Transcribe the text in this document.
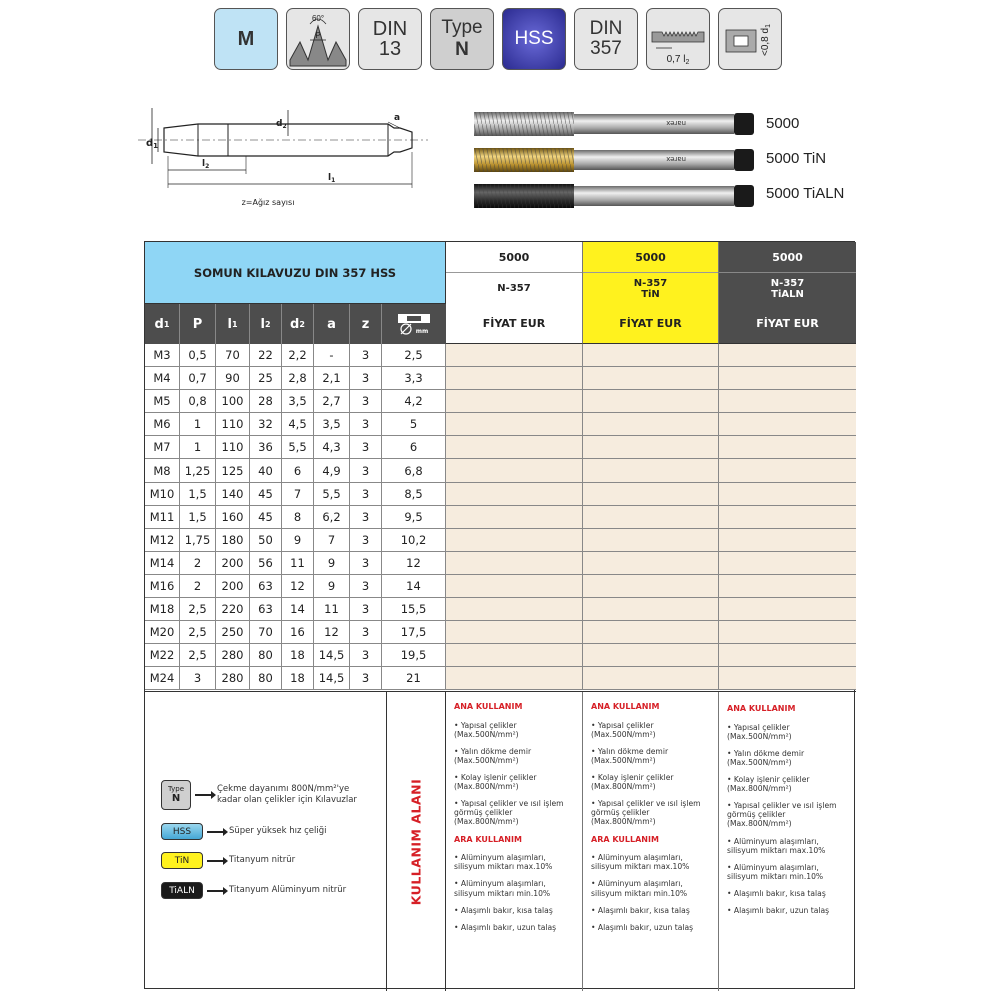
M
60°
P	DIN 13
Type
N
HSS DIN
357
0,7 $l_2$
<0,8 $d_1$
$d_1$
$d_2$
a
$l_2$
$l_1$
z=Ağız sayısı
narex
narex
5000
5000 TiN
5000 TiALN
SOMUN KILAVUZU DIN 357 HSS
5000
N-357
5000
N-357
TiN
5000
N-357
TiALN
d 1 P l 1 l 2 d 2 a z	mm
FİYAT EUR	FİYAT EUR	FİYAT EUR
M3	0,5	70	22	2,2	-	3	2,5
M4	0,7	90	25	2,8	2,1	3	3,3
M5	0,8	100	28	3,5	2,7	3	4,2
M6	1	110	32	4,5	3,5	3	5
M7	1	110	36	5,5	4,3	3	6
M8	1,25 125	40	6	4,9	3	6,8
M10	1,5	140	45	7	5,5	3	8,5
M11	1,5	160	45	8	6,2	3	9,5
M12 1,75 180	50	9	7	3	10,2
M14	2	200	56	11	9	3	12
M16	2	200	63	12	9	3	14
M18	2,5	220	63	14	11	3	15,5
M20	2,5	250	70	16	12	3	17,5
M22	2,5	280	80	18	14,5	3	19,5
M24	3	280	80	18	14,5	3	21
Type
N
Çekme dayanımı 800N/mm²'ye kadar olan çelikler için Kılavuzlar
HSS	Süper yüksek hız çeliği
TiN	Titanyum nitrür
TiALN	Titanyum Alüminyum nitrür	KULLANIM ALANI
ANA KULLANIM
• Yapısal çelikler (Max.500N/mm²)
• Yalın dökme demir (Max.500N/mm²)
• Kolay işlenir çelikler (Max.800N/mm²)
• Yapısal çelikler ve ısıl işlem görmüş çelikler (Max.800N/mm²)
ARA KULLANIM
• Alüminyum alaşımları, silisyum miktarı max.10%
• Alüminyum alaşımları, silisyum miktarı min.10%
• Alaşımlı bakır, kısa talaş
• Alaşımlı bakır, uzun talaş
ANA KULLANIM
• Yapısal çelikler (Max.500N/mm²)
• Yalın dökme demir (Max.500N/mm²)
• Kolay işlenir çelikler (Max.800N/mm²)
• Yapısal çelikler ve ısıl işlem görmüş çelikler (Max.800N/mm²)
ARA KULLANIM
• Alüminyum alaşımları, silisyum miktarı max.10%
• Alüminyum alaşımları, silisyum miktarı min.10%
• Alaşımlı bakır, kısa talaş
• Alaşımlı bakır, uzun talaş
ANA KULLANIM
• Yapısal çelikler (Max.500N/mm²)
• Yalın dökme demir (Max.500N/mm²)
• Kolay işlenir çelikler (Max.800N/mm²)
• Yapısal çelikler ve ısıl işlem görmüş çelikler (Max.800N/mm²)
• Alüminyum alaşımları, silisyum miktarı max.10%
• Alüminyum alaşımları, silisyum miktarı min.10%
• Alaşımlı bakır, kısa talaş
• Alaşımlı bakır, uzun talaş
